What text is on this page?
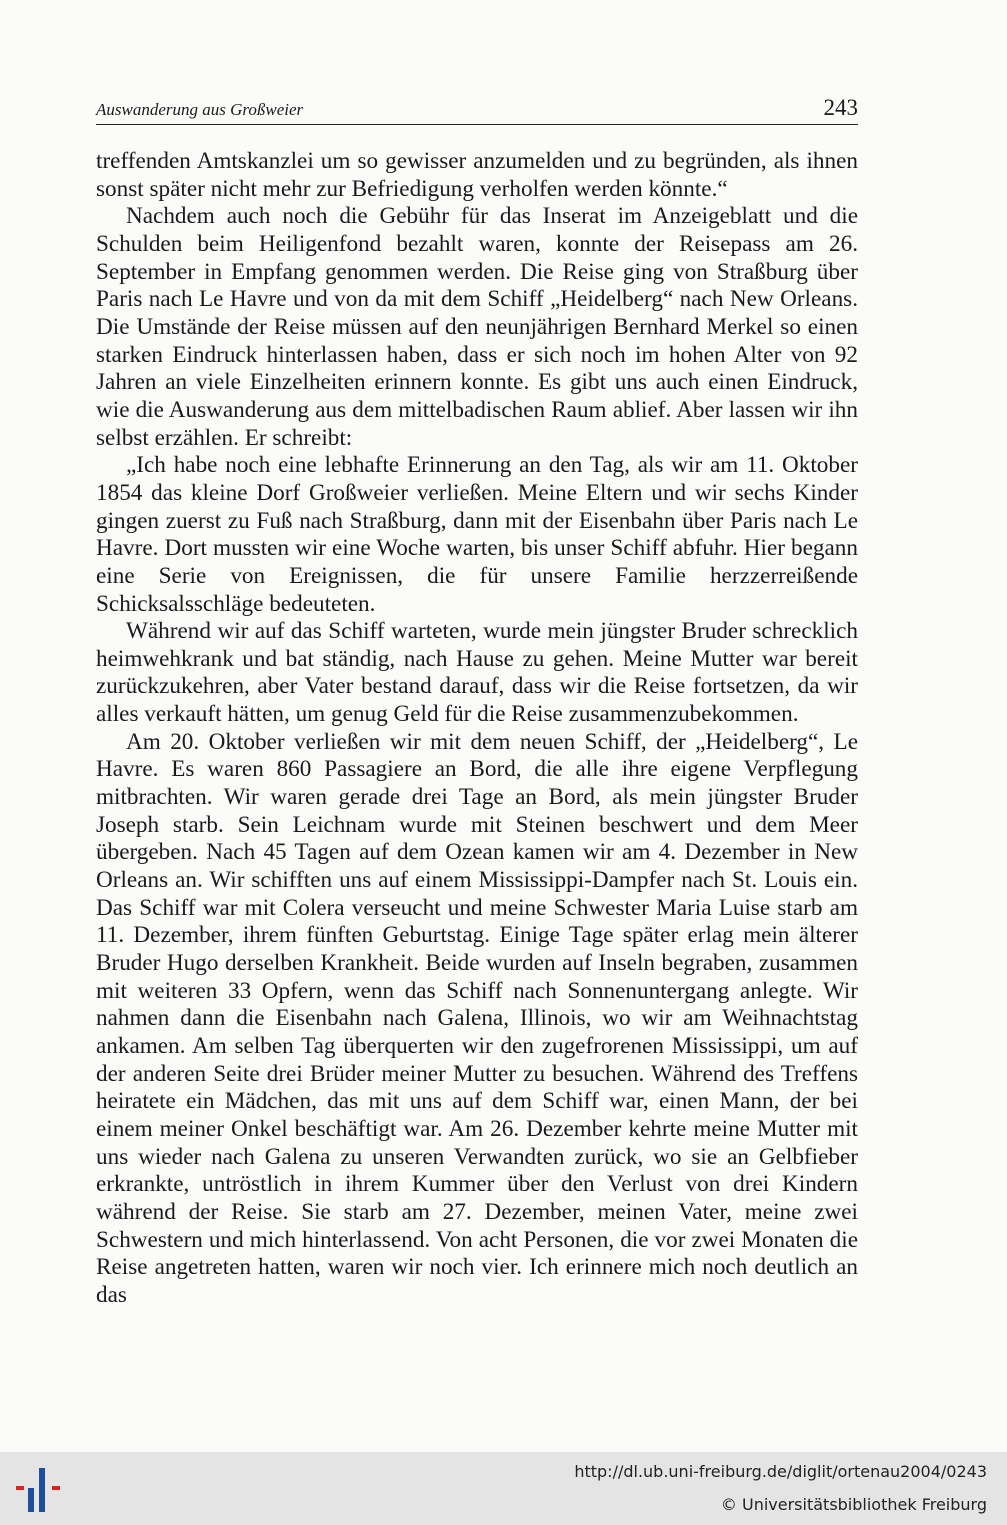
Auswanderung aus Großweier	243

treffenden Amtskanzlei um so gewisser anzumelden und zu begründen, als ihnen sonst später nicht mehr zur Befriedigung verholfen werden könnte.“

Nachdem auch noch die Gebühr für das Inserat im Anzeigeblatt und die Schulden beim Heiligenfond bezahlt waren, konnte der Reisepass am 26. September in Empfang genommen werden. Die Reise ging von Straßburg über Paris nach Le Havre und von da mit dem Schiff „Heidelberg“ nach New Orleans. Die Umstände der Reise müssen auf den neunjährigen Bernhard Merkel so einen starken Eindruck hinterlassen haben, dass er sich noch im hohen Alter von 92 Jahren an viele Einzelheiten erinnern konnte. Es gibt uns auch einen Eindruck, wie die Auswanderung aus dem mittelbadischen Raum ablief. Aber lassen wir ihn selbst erzählen. Er schreibt:

„Ich habe noch eine lebhafte Erinnerung an den Tag, als wir am 11. Oktober 1854 das kleine Dorf Großweier verließen. Meine Eltern und wir sechs Kinder gingen zuerst zu Fuß nach Straßburg, dann mit der Eisenbahn über Paris nach Le Havre. Dort mussten wir eine Woche warten, bis unser Schiff abfuhr. Hier begann eine Serie von Ereignissen, die für unsere Familie herzzerreißende Schicksalsschläge bedeuteten.

Während wir auf das Schiff warteten, wurde mein jüngster Bruder schrecklich heimwehkrank und bat ständig, nach Hause zu gehen. Meine Mutter war bereit zurückzukehren, aber Vater bestand darauf, dass wir die Reise fortsetzen, da wir alles verkauft hätten, um genug Geld für die Reise zusammenzubekommen.

Am 20. Oktober verließen wir mit dem neuen Schiff, der „Heidelberg“, Le Havre. Es waren 860 Passagiere an Bord, die alle ihre eigene Verpflegung mitbrachten. Wir waren gerade drei Tage an Bord, als mein jüngster Bruder Joseph starb. Sein Leichnam wurde mit Steinen beschwert und dem Meer übergeben. Nach 45 Tagen auf dem Ozean kamen wir am 4. Dezember in New Orleans an. Wir schifften uns auf einem Mississippi-Dampfer nach St. Louis ein. Das Schiff war mit Colera verseucht und meine Schwester Maria Luise starb am 11. Dezember, ihrem fünften Geburtstag. Einige Tage später erlag mein älterer Bruder Hugo derselben Krankheit. Beide wurden auf Inseln begraben, zusammen mit weiteren 33 Opfern, wenn das Schiff nach Sonnenuntergang anlegte. Wir nahmen dann die Eisenbahn nach Galena, Illinois, wo wir am Weihnachtstag ankamen. Am selben Tag überquerten wir den zugefrorenen Mississippi, um auf der anderen Seite drei Brüder meiner Mutter zu besuchen. Während des Treffens heiratete ein Mädchen, das mit uns auf dem Schiff war, einen Mann, der bei einem meiner Onkel beschäftigt war. Am 26. Dezember kehrte meine Mutter mit uns wieder nach Galena zu unseren Verwandten zurück, wo sie an Gelbfieber erkrankte, untröstlich in ihrem Kummer über den Verlust von drei Kindern während der Reise. Sie starb am 27. Dezember, meinen Vater, meine zwei Schwestern und mich hinterlassend. Von acht Personen, die vor zwei Monaten die Reise angetreten hatten, waren wir noch vier. Ich erinnere mich noch deutlich an das

http://dl.ub.uni-freiburg.de/diglit/ortenau2004/0243
© Universitätsbibliothek Freiburg
